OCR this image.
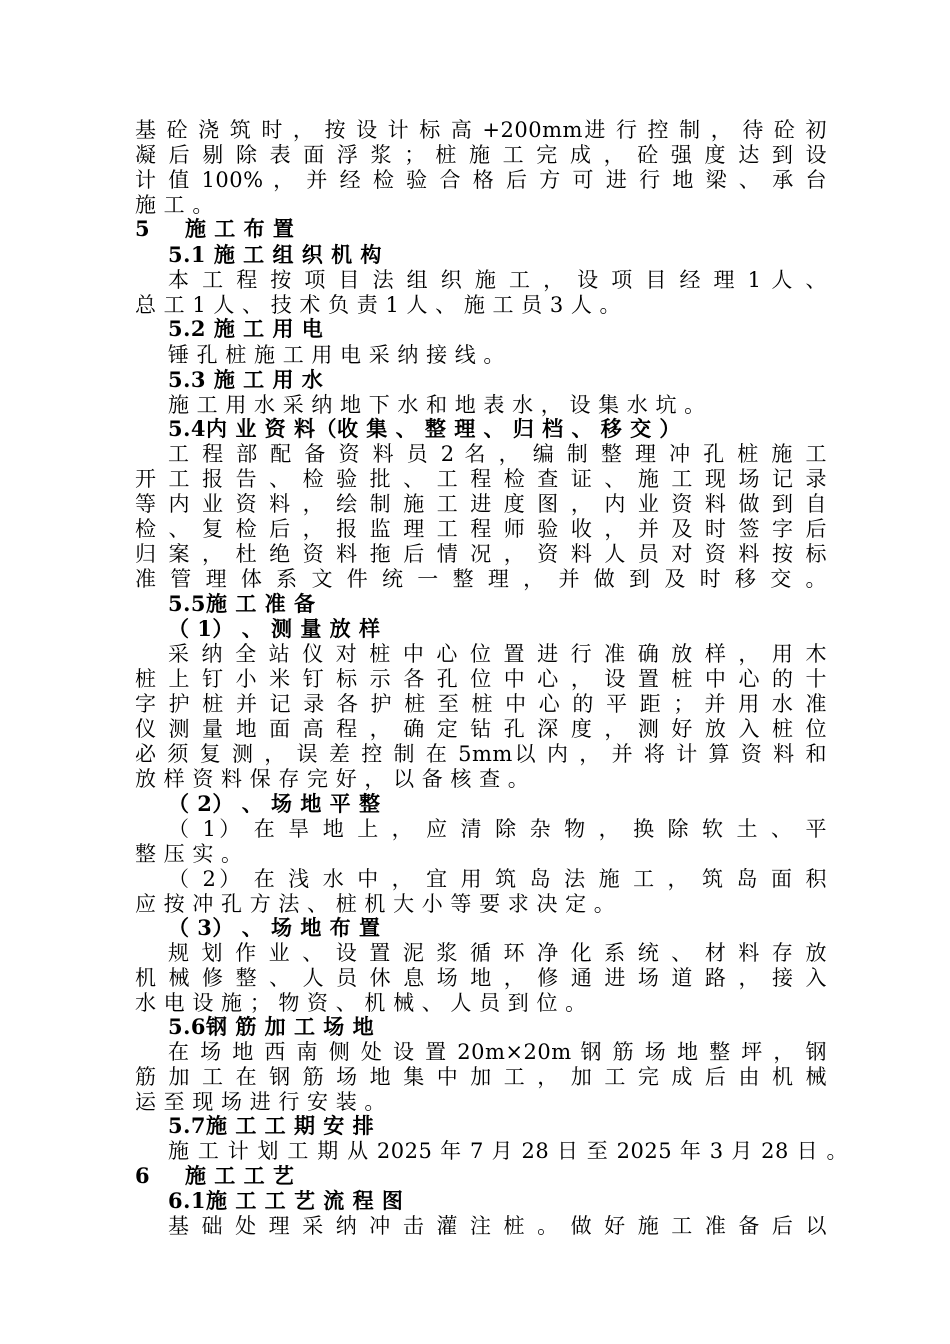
基 砼 浇 筑 时 ， 按 设 计 标 高 +200mm进 行 控 制 ， 待 砼 初
凝 后 剔 除 表 面 浮 浆 ； 桩 施 工 完 成 ， 砼 强 度 达 到 设
计 值 100% ， 并 经 检 验 合 格 后 方 可 进 行 地 梁 、 承 台
施 工 。
5 施 工 布 置
5.1 施 工 组 织 机 构
本 工 程 按 项 目 法 组 织 施 工 ， 设 项 目 经 理 1 人 、
总 工 1 人 、 技 术 负 责 1 人 、 施 工 员 3 人 。
5.2 施 工 用 电
锤 孔 桩 施 工 用 电 采 纳 接 线 。
5.3 施 工 用 水
施 工 用 水 采 纳 地 下 水 和 地 表 水 ， 设 集 水 坑 。
5.4内 业 资 料（收 集 、 整 理 、 归 档 、 移 交 ）
工 程 部 配 备 资 料 员 2 名 ， 编 制 整 理 冲 孔 桩 施 工
开 工 报 告 、 检 验 批 、 工 程 检 查 证 、 施 工 现 场 记 录
等 内 业 资 料 ， 绘 制 施 工 进 度 图 ， 内 业 资 料 做 到 自
检 、 复 检 后 ， 报 监 理 工 程 师 验 收 ， 并 及 时 签 字 后
归 案 ， 杜 绝 资 料 拖 后 情 况 ， 资 料 人 员 对 资 料 按 标
准 管 理 体 系 文 件 统 一 整 理 ， 并 做 到 及 时 移 交 。
5.5施 工 准 备
（ 1） 、 测 量 放 样
采 纳 全 站 仪 对 桩 中 心 位 置 进 行 准 确 放 样 ， 用 木
桩 上 钉 小 米 钉 标 示 各 孔 位 中 心 ， 设 置 桩 中 心 的 十
字 护 桩 并 记 录 各 护 桩 至 桩 中 心 的 平 距 ； 并 用 水 准
仪 测 量 地 面 高 程 ， 确 定 钻 孔 深 度 ， 测 好 放 入 桩 位
必 须 复 测 ， 误 差 控 制 在 5mm以 内 ， 并 将 计 算 资 料 和
放 样 资 料 保 存 完 好 ， 以 备 核 查 。
（ 2） 、 场 地 平 整
（ 1） 在 旱 地 上 ， 应 清 除 杂 物 ， 换 除 软 土 、 平
整 压 实 。
（ 2） 在 浅 水 中 ， 宜 用 筑 岛 法 施 工 ， 筑 岛 面 积
应 按 冲 孔 方 法 、 桩 机 大 小 等 要 求 决 定 。
（ 3） 、 场 地 布 置
规 划 作 业 、 设 置 泥 浆 循 环 净 化 系 统 、 材 料 存 放
机 械 修 整 、 人 员 休 息 场 地 ， 修 通 进 场 道 路 ， 接 入
水 电 设 施 ； 物 资 、 机 械 、 人 员 到 位 。
5.6钢 筋 加 工 场 地
在 场 地 西 南 侧 处 设 置 20m×20m 钢 筋 场 地 整 坪 ， 钢
筋 加 工 在 钢 筋 场 地 集 中 加 工 ， 加 工 完 成 后 由 机 械
运 至 现 场 进 行 安 装 。
5.7施 工 工 期 安 排
施 工 计 划 工 期 从 2025 年 7 月 28 日 至 2025 年 3 月 28 日 。
6 施 工 工 艺
6.1施 工 工 艺 流 程 图
基 础 处 理 采 纳 冲 击 灌 注 桩 。 做 好 施 工 准 备 后 以
